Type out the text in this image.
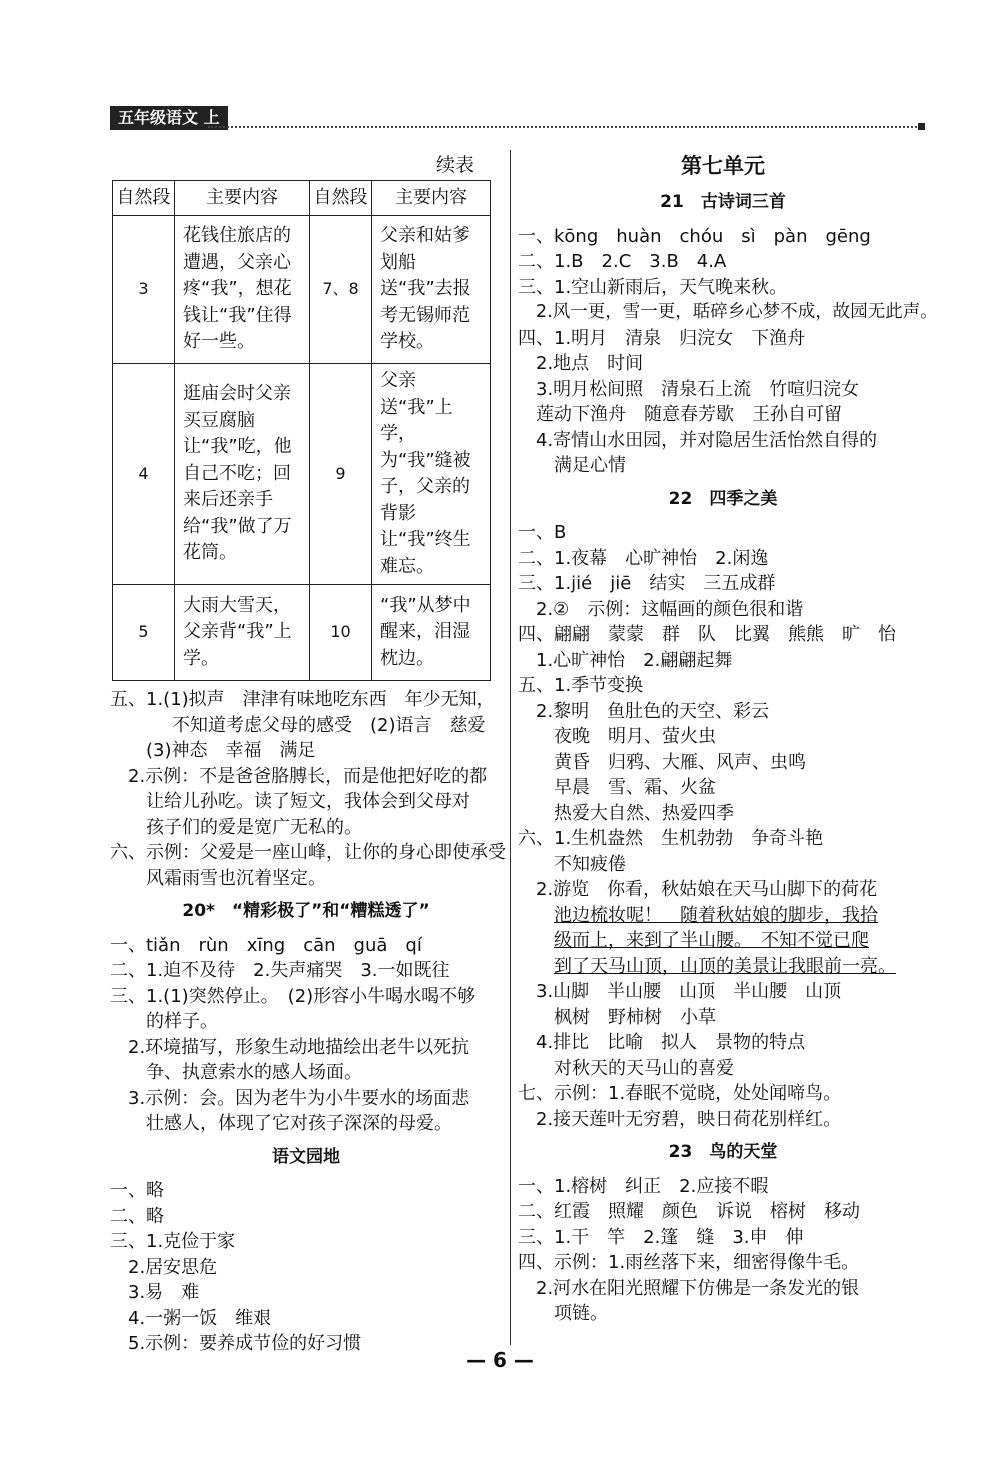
五年级语文 上
续表
自然段	主要内容	自然段	主要内容
3	花钱住旅店的遭遇，父亲心疼“我”，想花钱让“我”住得好一些。	7、8	父亲和姑爹划船送“我”去报考无锡师范学校。
4	逛庙会时父亲买豆腐脑让“我”吃，他自己不吃；回来后还亲手给“我”做了万花筒。	9	父亲送“我”上学，为“我”缝被子，父亲的背影让“我”终生难忘。
5	大雨大雪天，父亲背“我”上学。	10	“我”从梦中醒来，泪湿枕边。
五、1.(1)拟声　津津有味地吃东西　年少无知，
不知道考虑父母的感受　(2)语言　慈爱
(3)神态　幸福　满足
2.示例：不是爸爸胳膊长，而是他把好吃的都
让给儿孙吃。读了短文，我体会到父母对
孩子们的爱是宽广无私的。
六、示例：父爱是一座山峰，让你的身心即使承受
风霜雨雪也沉着坚定。
20*　“精彩极了”和“糟糕透了”
一、tiǎn　rùn　xīng　cān　guā　qí
二、1.迫不及待　2.失声痛哭　3.一如既往
三、1.(1)突然停止。　(2)形容小牛喝水喝不够
的样子。
2.环境描写，形象生动地描绘出老牛以死抗
争、执意索水的感人场面。
3.示例：会。因为老牛为小牛要水的场面悲
壮感人，体现了它对孩子深深的母爱。
语文园地
一、略
二、略
三、1.克俭于家
2.居安思危
3.易　难
4.一粥一饭　维艰
5.示例：要养成节俭的好习惯
第七单元
21　古诗词三首
一、kōng　huàn　chóu　sì　pàn　gēng
二、1.B　2.C　3.B　4.A
三、1.空山新雨后，天气晚来秋。
2.风一更，雪一更，聒碎乡心梦不成，故园无此声。
四、1.明月　清泉　归浣女　下渔舟
2.地点　时间
3.明月松间照　清泉石上流　竹喧归浣女
莲动下渔舟　随意春芳歇　王孙自可留
4.寄情山水田园，并对隐居生活怡然自得的
满足心情
22　四季之美
一、B
二、1.夜幕　心旷神怡　2.闲逸
三、1.jié　jiē　结实　三五成群
2.②　示例：这幅画的颜色很和谐
四、翩翩　蒙蒙　群　队　比翼　熊熊　旷　怡
1.心旷神怡　2.翩翩起舞
五、1.季节变换
2.黎明　鱼肚色的天空、彩云
夜晚　明月、萤火虫
黄昏　归鸦、大雁、风声、虫鸣
早晨　雪、霜、火盆
热爱大自然、热爱四季
六、1.生机盎然　生机勃勃　争奇斗艳
不知疲倦
2.游览　你看，秋姑娘在天马山脚下的荷花
池边梳妆呢！　随着秋姑娘的脚步，我拾
级而上，来到了半山腰。　不知不觉已爬
到了天马山顶，山顶的美景让我眼前一亮。
3.山脚　半山腰　山顶　半山腰　山顶
枫树　野柿树　小草
4.排比　比喻　拟人　景物的特点
对秋天的天马山的喜爱
七、示例：1.春眠不觉晓，处处闻啼鸟。
2.接天莲叶无穷碧，映日荷花别样红。
23　鸟的天堂
一、1.榕树　纠正　2.应接不暇
二、红霞　照耀　颜色　诉说　榕树　移动
三、1.干　竿　2.篷　缝　3.申　伸
四、示例：1.雨丝落下来，细密得像牛毛。
2.河水在阳光照耀下仿佛是一条发光的银
项链。
— 6 —
